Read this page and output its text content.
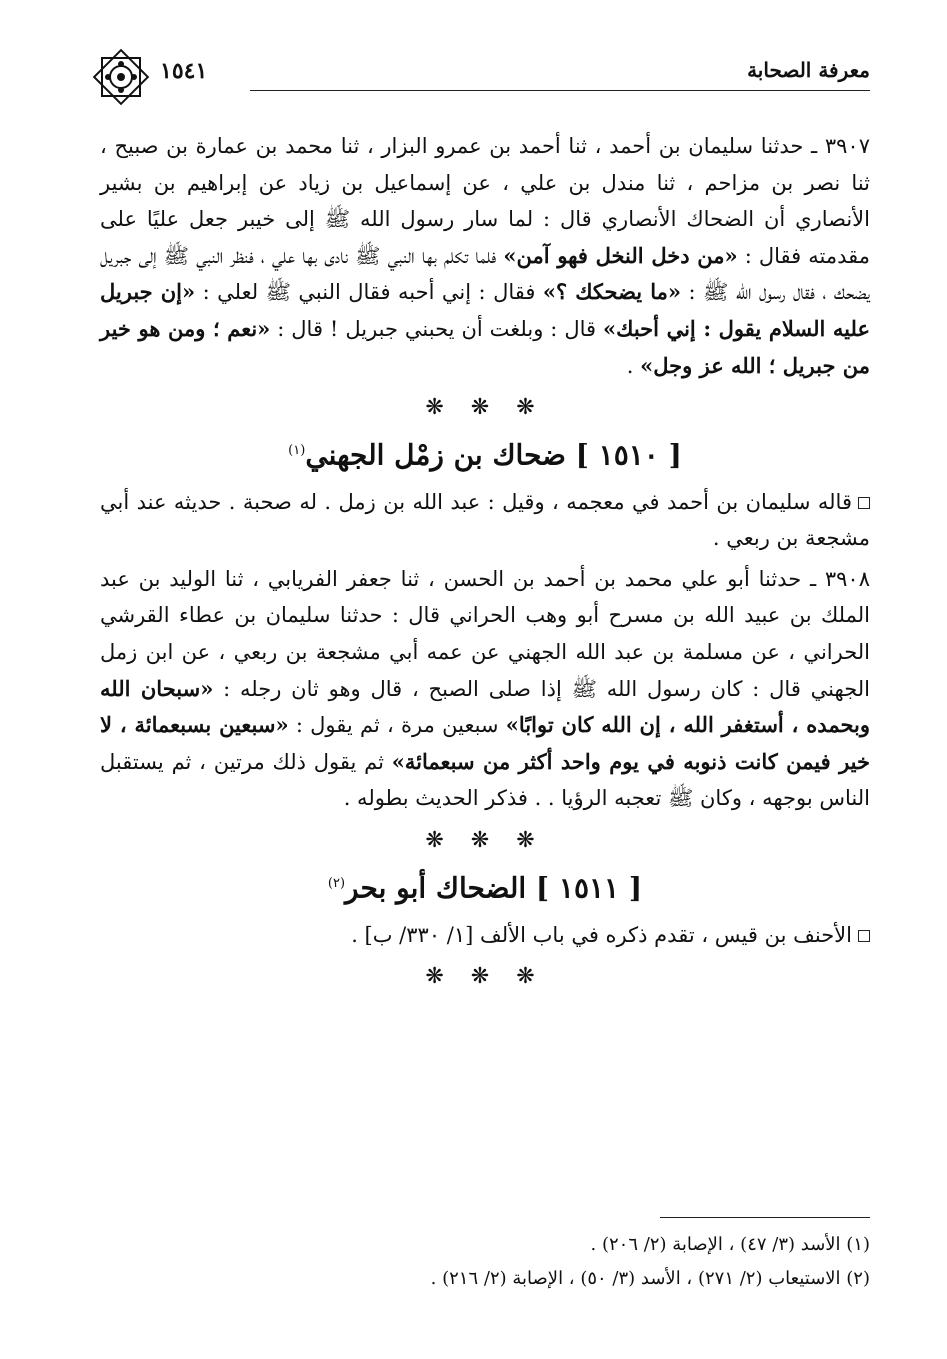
معرفة الصحابة
١٥٤١

٣٩٠٧ ـ حدثنا سليمان بن أحمد ، ثنا أحمد بن عمرو البزار ، ثنا محمد بن عمارة بن صبيح ، ثنا نصر بن مزاحم ، ثنا مندل بن علي ، عن إسماعيل بن زياد عن إبراهيم بن بشير الأنصاري أن الضحاك الأنصاري قال : لما سار رسول الله ﷺ إلى خيبر جعل عليًا على مقدمته فقال : «من دخل النخل فهو آمن» فلما تكلم بها النبي ﷺ نادى بها علي ، فنظر النبي ﷺ إلى جبريل يضحك ، فقال رسول الله ﷺ : «ما يضحكك ؟» فقال : إني أحبه فقال النبي ﷺ لعلي : «إن جبريل عليه السلام يقول : إني أحبك» قال : وبلغت أن يحبني جبريل ! قال : «نعم ؛ ومن هو خير من جبريل ؛ الله عز وجل» .

❋ ❋ ❋
[ ١٥١٠ ] ضحاك بن زمْل الجهني$^{(١)}$

قاله سليمان بن أحمد في معجمه ، وقيل : عبد الله بن زمل . له صحبة . حديثه عند أبي مشجعة بن ربعي .

٣٩٠٨ ـ حدثنا أبو علي محمد بن أحمد بن الحسن ، ثنا جعفر الفريابي ، ثنا الوليد بن عبد الملك بن عبيد الله بن مسرح أبو وهب الحراني قال : حدثنا سليمان بن عطاء القرشي الحراني ، عن مسلمة بن عبد الله الجهني عن عمه أبي مشجعة بن ربعي ، عن ابن زمل الجهني قال : كان رسول الله ﷺ إذا صلى الصبح ، قال وهو ثان رجله : «سبحان الله وبحمده ، أستغفر الله ، إن الله كان توابًا» سبعين مرة ، ثم يقول : «سبعين بسبعمائة ، لا خير فيمن كانت ذنوبه في يوم واحد أكثر من سبعمائة» ثم يقول ذلك مرتين ، ثم يستقبل الناس بوجهه ، وكان ﷺ تعجبه الرؤيا . . فذكر الحديث بطوله .

❋ ❋ ❋
[ ١٥١١ ] الضحاك أبو بحر$^{(٢)}$

الأحنف بن قيس ، تقدم ذكره في باب الألف [١/ ٣٣٠/ ب] .

❋ ❋ ❋

(١) الأسد (٣/ ٤٧) ، الإصابة (٢/ ٢٠٦) .

(٢) الاستيعاب (٢/ ٢٧١) ، الأسد (٣/ ٥٠) ، الإصابة (٢/ ٢١٦) .
